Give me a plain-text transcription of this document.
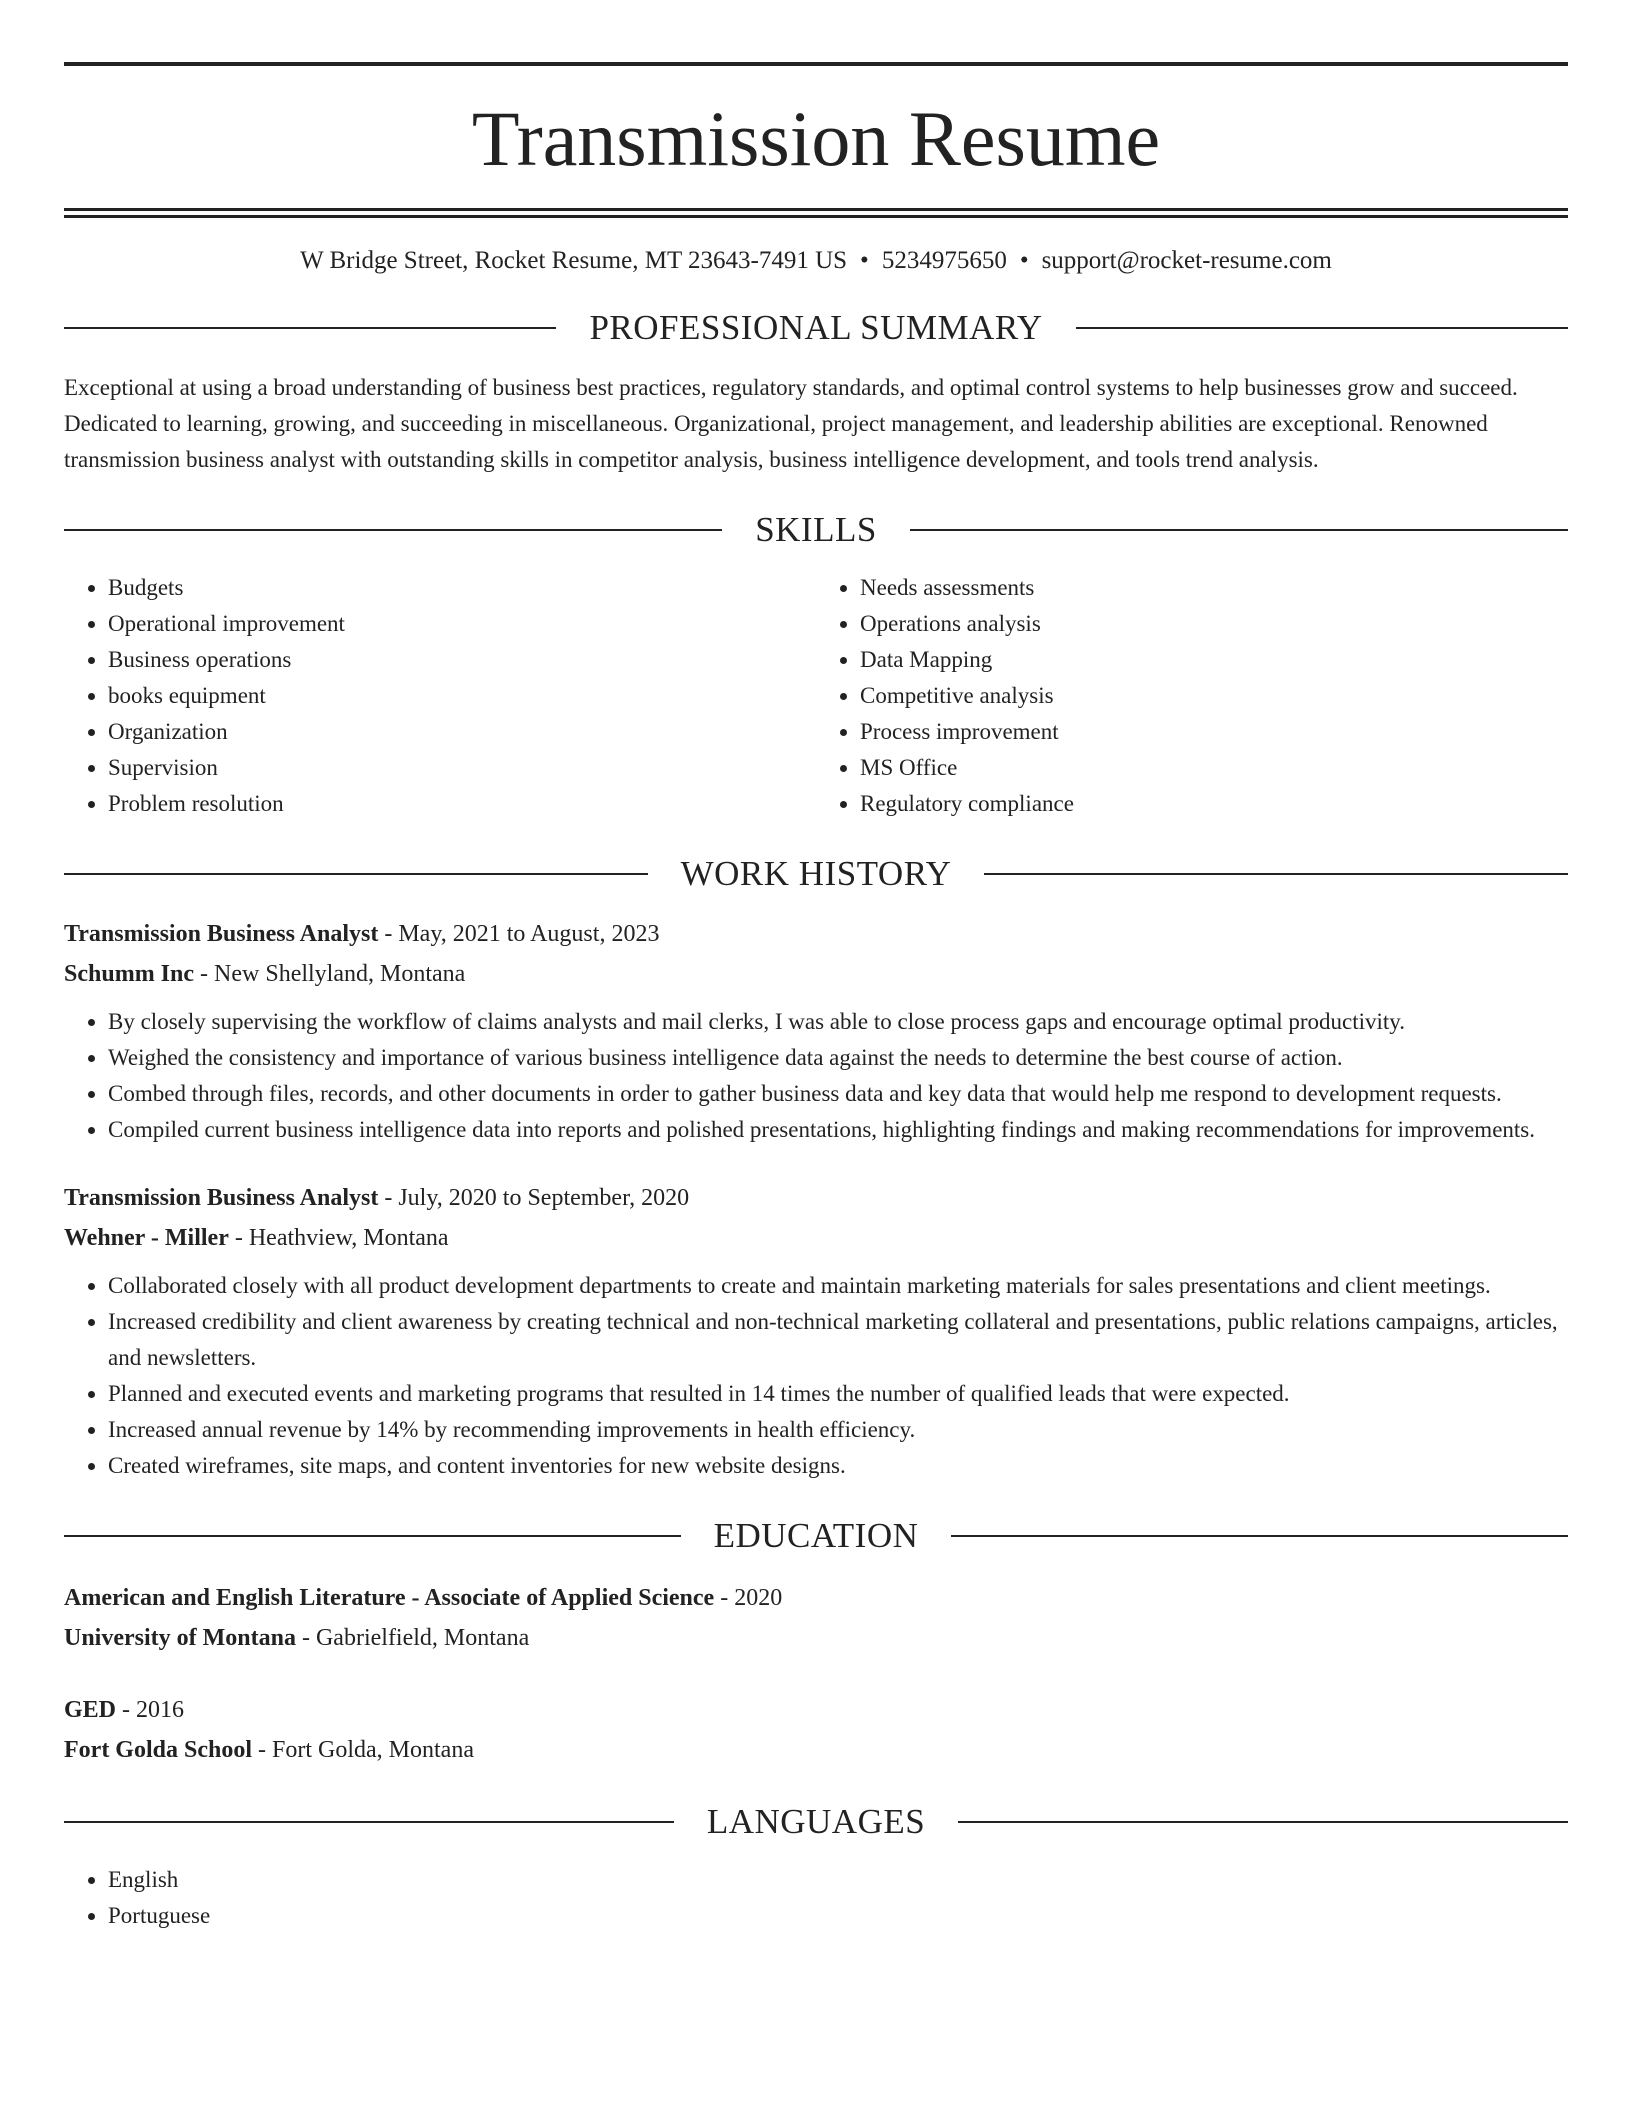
Transmission Resume
W Bridge Street, Rocket Resume, MT 23643-7491 US • 5234975650 • support@rocket-resume.com
PROFESSIONAL SUMMARY

Exceptional at using a broad understanding of business best practices, regulatory standards, and optimal control systems to help businesses grow and succeed. Dedicated to learning, growing, and succeeding in miscellaneous. Organizational, project management, and leadership abilities are exceptional. Renowned transmission business analyst with outstanding skills in competitor analysis, business intelligence development, and tools trend analysis.

SKILLS
• Budgets
• Operational improvement
• Business operations
• books equipment
• Organization
• Supervision
• Problem resolution
• Needs assessments
• Operations analysis
• Data Mapping
• Competitive analysis
• Process improvement
• MS Office
• Regulatory compliance
WORK HISTORY
Transmission Business Analyst - May, 2021 to August, 2023
Schumm Inc - New Shellyland, Montana
• By closely supervising the workflow of claims analysts and mail clerks, I was able to close process gaps and encourage optimal productivity.
• Weighed the consistency and importance of various business intelligence data against the needs to determine the best course of action.
• Combed through files, records, and other documents in order to gather business data and key data that would help me respond to development requests.
• Compiled current business intelligence data into reports and polished presentations, highlighting findings and making recommendations for improvements.
Transmission Business Analyst - July, 2020 to September, 2020
Wehner - Miller - Heathview, Montana
• Collaborated closely with all product development departments to create and maintain marketing materials for sales presentations and client meetings.
• Increased credibility and client awareness by creating technical and non-technical marketing collateral and presentations, public relations campaigns, articles, and newsletters.
• Planned and executed events and marketing programs that resulted in 14 times the number of qualified leads that were expected.
• Increased annual revenue by 14% by recommending improvements in health efficiency.
• Created wireframes, site maps, and content inventories for new website designs.
EDUCATION
American and English Literature - Associate of Applied Science - 2020
University of Montana - Gabrielfield, Montana
GED - 2016
Fort Golda School - Fort Golda, Montana
LANGUAGES
• English
• Portuguese
